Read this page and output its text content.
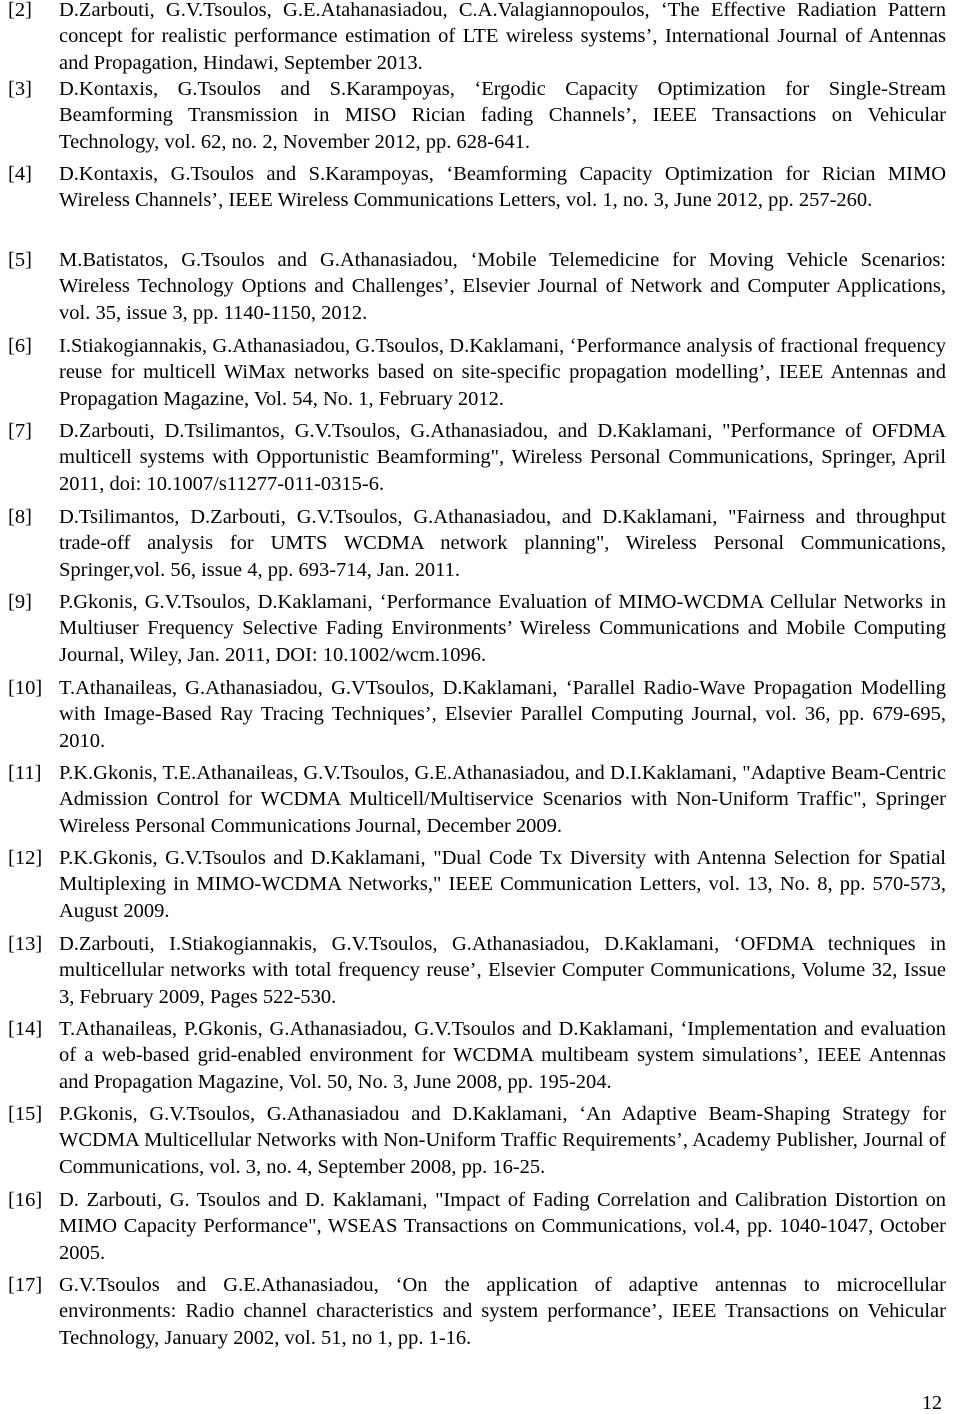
[2]	D.Zarbouti, G.V.Tsoulos, G.E.Atahanasiadou, C.A.Valagiannopoulos, ‘The Effective Radiation Pattern concept for realistic performance estimation of LTE wireless systems’, International Journal of Antennas and Propagation, Hindawi, September 2013.
[3]	D.Kontaxis, G.Tsoulos and S.Karampoyas, ‘Ergodic Capacity Optimization for Single-Stream Beamforming Transmission in MISO Rician fading Channels’, IEEE Transactions on Vehicular Technology, vol. 62, no. 2, November 2012, pp. 628-641.
[4]	D.Kontaxis, G.Tsoulos and S.Karampoyas, ‘Beamforming Capacity Optimization for Rician MIMO Wireless Channels’, IEEE Wireless Communications Letters, vol. 1, no. 3, June 2012, pp. 257-260.
[5]	M.Batistatos, G.Tsoulos and G.Athanasiadou, ‘Mobile Telemedicine for Moving Vehicle Scenarios: Wireless Technology Options and Challenges’, Elsevier Journal of Network and Computer Applications, vol. 35, issue 3, pp. 1140-1150, 2012.
[6]	I.Stiakogiannakis, G.Athanasiadou, G.Tsoulos, D.Kaklamani, ‘Performance analysis of fractional frequency reuse for multicell WiMax networks based on site-specific propagation modelling’, IEEE Antennas and Propagation Magazine, Vol. 54, No. 1, February 2012.
[7]	D.Zarbouti, D.Tsilimantos, G.V.Tsoulos, G.Athanasiadou, and D.Kaklamani, "Performance of OFDMA multicell systems with Opportunistic Beamforming", Wireless Personal Communications, Springer, April 2011, doi: 10.1007/s11277-011-0315-6.
[8]	D.Tsilimantos, D.Zarbouti, G.V.Tsoulos, G.Athanasiadou, and D.Kaklamani, "Fairness and throughput trade-off analysis for UMTS WCDMA network planning", Wireless Personal Communications, Springer,vol. 56, issue 4, pp. 693-714, Jan. 2011.
[9]	P.Gkonis, G.V.Tsoulos, D.Kaklamani, ‘Performance Evaluation of MIMO-WCDMA Cellular Networks in Multiuser Frequency Selective Fading Environments’ Wireless Communications and Mobile Computing Journal, Wiley, Jan. 2011, DOI: 10.1002/wcm.1096.
[10] T.Athanaileas, G.Athanasiadou, G.VTsoulos, D.Kaklamani, ‘Parallel Radio-Wave Propagation Modelling with Image-Based Ray Tracing Techniques’, Elsevier Parallel Computing Journal, vol. 36, pp. 679-695, 2010.
[11] P.K.Gkonis, T.E.Athanaileas, G.V.Tsoulos, G.E.Athanasiadou, and D.I.Kaklamani, "Adaptive Beam-Centric Admission Control for WCDMA Multicell/Multiservice Scenarios with Non-Uniform Traffic", Springer Wireless Personal Communications Journal, December 2009.
[12] P.K.Gkonis, G.V.Tsoulos and D.Kaklamani, "Dual Code Tx Diversity with Antenna Selection for Spatial Multiplexing in MIMO-WCDMA Networks," IEEE Communication Letters, vol. 13, No. 8, pp. 570-573, August 2009.
[13] D.Zarbouti, I.Stiakogiannakis, G.V.Tsoulos, G.Athanasiadou, D.Kaklamani, ‘OFDMA techniques in multicellular networks with total frequency reuse’, Elsevier Computer Communications, Volume 32, Issue 3, February 2009, Pages 522-530.
[14] T.Athanaileas, P.Gkonis, G.Athanasiadou, G.V.Tsoulos and D.Kaklamani, ‘Implementation and evaluation of a web-based grid-enabled environment for WCDMA multibeam system simulations’, IEEE Antennas and Propagation Magazine, Vol. 50, No. 3, June 2008, pp. 195-204.
[15] P.Gkonis, G.V.Tsoulos, G.Athanasiadou and D.Kaklamani, ‘An Adaptive Beam-Shaping Strategy for WCDMA Multicellular Networks with Non-Uniform Traffic Requirements’, Academy Publisher, Journal of Communications, vol. 3, no. 4, September 2008, pp. 16-25.
[16] D. Zarbouti, G. Tsoulos and D. Kaklamani, "Impact of Fading Correlation and Calibration Distortion on MIMO Capacity Performance", WSEAS Transactions on Communications, vol.4, pp. 1040-1047, October 2005.
[17] G.V.Tsoulos and G.E.Athanasiadou, ‘On the application of adaptive antennas to microcellular environments: Radio channel characteristics and system performance’, IEEE Transactions on Vehicular Technology, January 2002, vol. 51, no 1, pp. 1-16.
12
